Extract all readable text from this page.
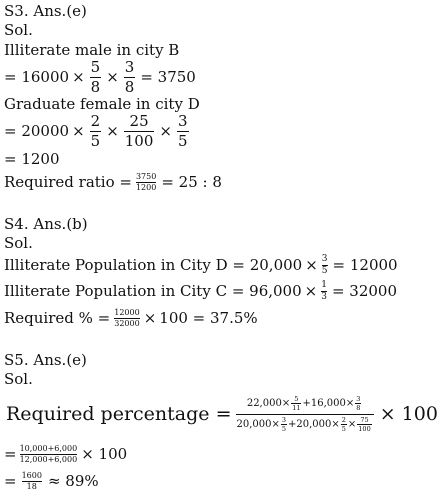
S3. Ans.(e)
Sol.
Illiterate male in city B
= $16000 \times \frac{5}{8} \times \frac{3}{8} = 3750$
Graduate female in city D
= $20000 \times \frac{2}{5} \times \frac{25}{100} \times \frac{3}{5}$
= 1200
Required ratio = 3750
1200 = 25 : 8
S4. Ans.(b)
Sol.
Illiterate Population in City D = 20,000 × 3
5 = 12000
Illiterate Population in City C = 96,000 × 1
3 = 32000
Required % = 12000
32000 × 100 = 37.5%
S5. Ans.(e)
Sol.
Required percentage = 22,000× 5
11 +16,000× 3
8
20,000× 3
5 +20,000× 2
5 × 75
100
× 100
= 10,000+6,000
12,000+6,000 × 100
= 1600
18 ≈ 89%
